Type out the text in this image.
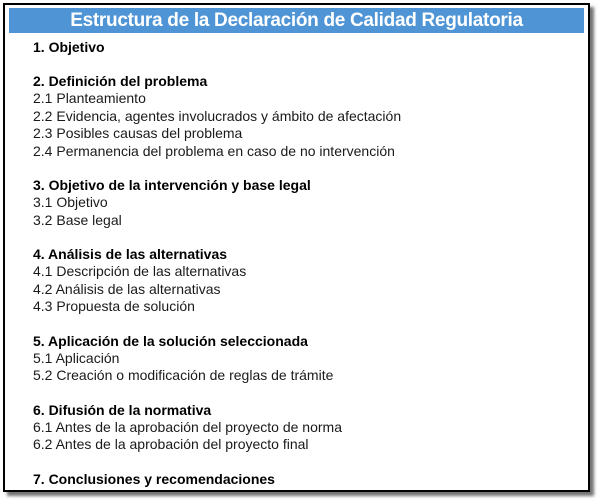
Estructura de la Declaración de Calidad Regulatoria
1. Objetivo
2. Definición del problema
2.1 Planteamiento
2.2 Evidencia, agentes involucrados y ámbito de afectación
2.3 Posibles causas del problema
2.4 Permanencia del problema en caso de no intervención
3. Objetivo de la intervención y base legal
3.1 Objetivo
3.2 Base legal
4. Análisis de las alternativas
4.1 Descripción de las alternativas
4.2 Análisis de las alternativas
4.3 Propuesta de solución
5. Aplicación de la solución seleccionada
5.1 Aplicación
5.2 Creación o modificación de reglas de trámite
6. Difusión de la normativa
6.1 Antes de la aprobación del proyecto de norma
6.2 Antes de la aprobación del proyecto final
7. Conclusiones y recomendaciones
